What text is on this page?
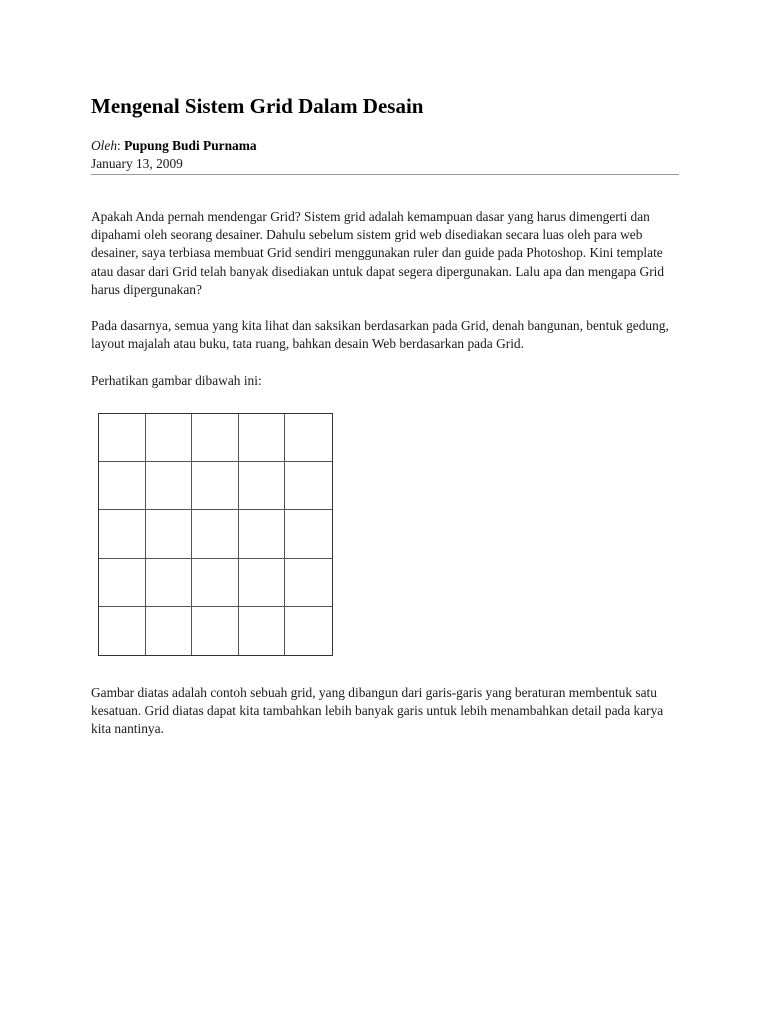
Mengenal Sistem Grid Dalam Desain
Oleh: Pupung Budi Purnama
January 13, 2009

Apakah Anda pernah mendengar Grid? Sistem grid adalah kemampuan dasar yang harus dimengerti dan dipahami oleh seorang desainer. Dahulu sebelum sistem grid web disediakan secara luas oleh para web desainer, saya terbiasa membuat Grid sendiri menggunakan ruler dan guide pada Photoshop. Kini template atau dasar dari Grid telah banyak disediakan untuk dapat segera dipergunakan. Lalu apa dan mengapa Grid harus dipergunakan?

Pada dasarnya, semua yang kita lihat dan saksikan berdasarkan pada Grid, denah bangunan, bentuk gedung, layout majalah atau buku, tata ruang, bahkan desain Web berdasarkan pada Grid.

Perhatikan gambar dibawah ini:

Gambar diatas adalah contoh sebuah grid, yang dibangun dari garis-garis yang beraturan membentuk satu kesatuan. Grid diatas dapat kita tambahkan lebih banyak garis untuk lebih menambahkan detail pada karya kita nantinya.
